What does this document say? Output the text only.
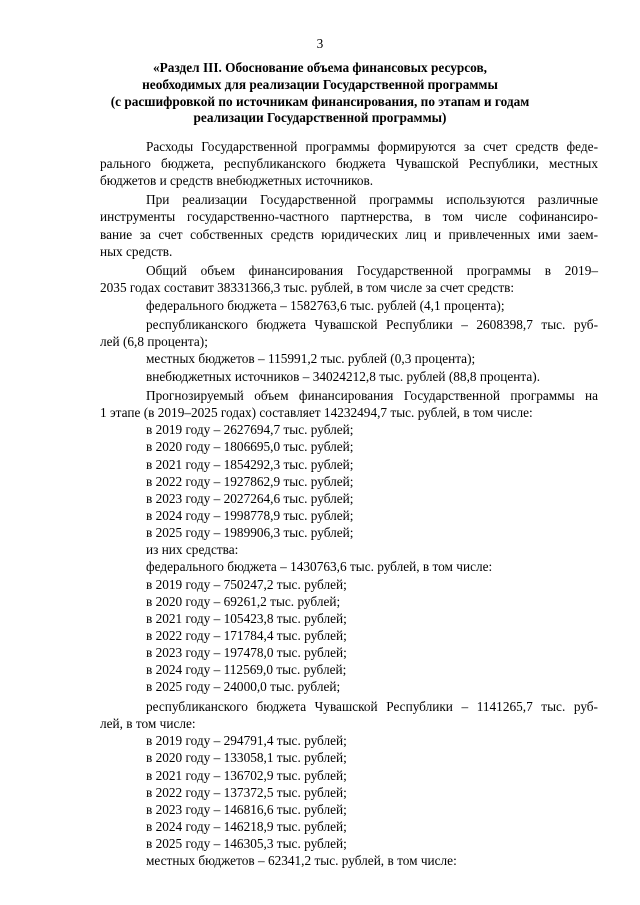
3
«Раздел III. Обоснование объема финансовых ресурсов,
необходимых для реализации Государственной программы
(с расшифровкой по источникам финансирования, по этапам и годам
реализации Государственной программы)
Расходы Государственной программы формируются за счет средств феде-
рального бюджета, республиканского бюджета Чувашской Республики, местных
бюджетов и средств внебюджетных источников.
При реализации Государственной программы используются различные
инструменты государственно-частного партнерства, в том числе софинансиро-
вание за счет собственных средств юридических лиц и привлеченных ими заем-
ных средств.
Общий объем финансирования Государственной программы в 2019–
2035 годах составит 38331366,3 тыс. рублей, в том числе за счет средств:
федерального бюджета – 1582763,6 тыс. рублей (4,1 процента);
республиканского бюджета Чувашской Республики – 2608398,7 тыс. руб-
лей (6,8 процента);
местных бюджетов – 115991,2 тыс. рублей (0,3 процента);
внебюджетных источников – 34024212,8 тыс. рублей (88,8 процента).
Прогнозируемый объем финансирования Государственной программы на
1 этапе (в 2019–2025 годах) составляет 14232494,7 тыс. рублей, в том числе:
в 2019 году – 2627694,7 тыс. рублей;
в 2020 году – 1806695,0 тыс. рублей;
в 2021 году – 1854292,3 тыс. рублей;
в 2022 году – 1927862,9 тыс. рублей;
в 2023 году – 2027264,6 тыс. рублей;
в 2024 году – 1998778,9 тыс. рублей;
в 2025 году – 1989906,3 тыс. рублей;
из них средства:
федерального бюджета – 1430763,6 тыс. рублей, в том числе:
в 2019 году – 750247,2 тыс. рублей;
в 2020 году – 69261,2 тыс. рублей;
в 2021 году – 105423,8 тыс. рублей;
в 2022 году – 171784,4 тыс. рублей;
в 2023 году – 197478,0 тыс. рублей;
в 2024 году – 112569,0 тыс. рублей;
в 2025 году – 24000,0 тыс. рублей;
республиканского бюджета Чувашской Республики – 1141265,7 тыс. руб-
лей, в том числе:
в 2019 году – 294791,4 тыс. рублей;
в 2020 году – 133058,1 тыс. рублей;
в 2021 году – 136702,9 тыс. рублей;
в 2022 году – 137372,5 тыс. рублей;
в 2023 году – 146816,6 тыс. рублей;
в 2024 году – 146218,9 тыс. рублей;
в 2025 году – 146305,3 тыс. рублей;
местных бюджетов – 62341,2 тыс. рублей, в том числе:
